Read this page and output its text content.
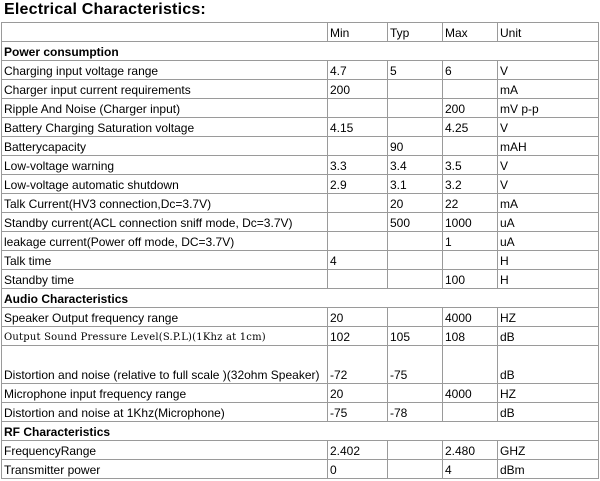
Electrical Characteristics:
	Min	Typ	Max	Unit
Power consumption				
Charging input voltage range	4.7	5	6	V
Charger input current requirements	200			mA
Ripple And Noise (Charger input)			200	mV p-p
Battery Charging Saturation voltage	4.15		4.25	V
Batterycapacity		90		mAH
Low-voltage warning	3.3	3.4	3.5	V
Low-voltage automatic shutdown	2.9	3.1	3.2	V
Talk Current(HV3 connection,Dc=3.7V)		20	22	mA
Standby current(ACL connection sniff mode, Dc=3.7V)		500	1000	uA
leakage current(Power off mode, DC=3.7V)			1	uA
Talk time	4			H
Standby time			100	H
Audio Characteristics				
Speaker Output frequency range	20		4000	HZ
Output Sound Pressure Level(S.P.L)(1Khz at 1cm)	102	105	108	dB
Distortion and noise (relative to full scale )(32ohm Speaker)	-72	-75		dB
Microphone input frequency range	20		4000	HZ
Distortion and noise at 1Khz(Microphone)	-75	-78		dB
RF Characteristics				
FrequencyRange	2.402		2.480	GHZ
Transmitter power	0		4	dBm
